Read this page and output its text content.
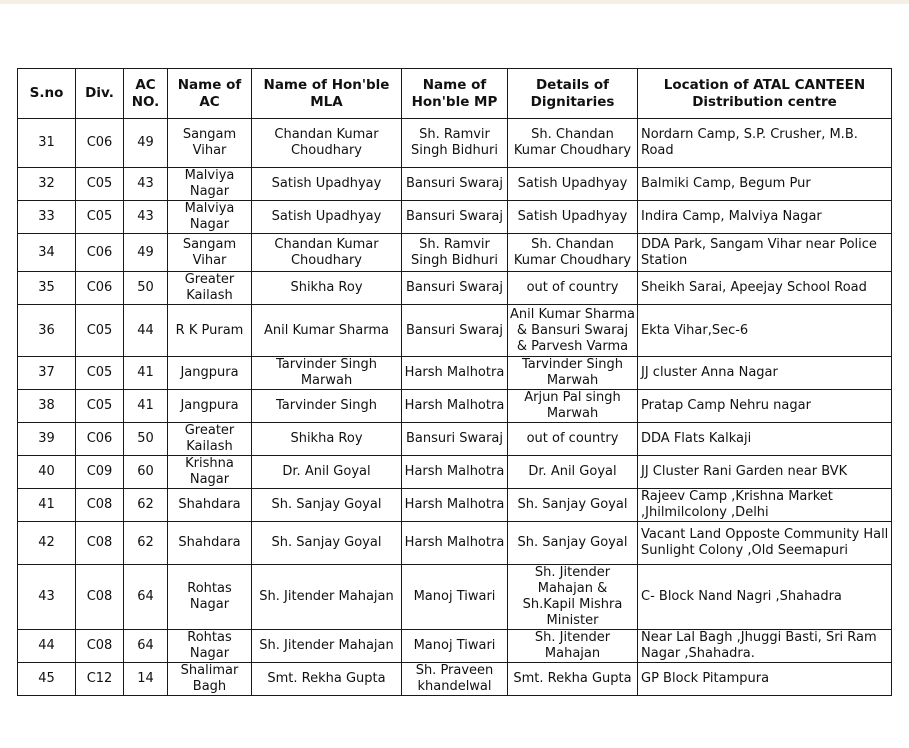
S.no	Div.	AC NO.	Name of AC	Name of Hon'ble MLA	Name of Hon'ble MP	Details of Dignitaries	Location of ATAL CANTEEN Distribution centre
31	C06	49	Sangam Vihar	Chandan Kumar Choudhary	Sh. Ramvir Singh Bidhuri	Sh. Chandan Kumar Choudhary	Nordarn Camp, S.P. Crusher, M.B. Road
32	C05	43	Malviya Nagar	Satish Upadhyay	Bansuri Swaraj	Satish Upadhyay	Balmiki Camp, Begum Pur
33	C05	43	Malviya Nagar	Satish Upadhyay	Bansuri Swaraj	Satish Upadhyay	Indira Camp, Malviya Nagar
34	C06	49	Sangam Vihar	Chandan Kumar Choudhary	Sh. Ramvir Singh Bidhuri	Sh. Chandan Kumar Choudhary	DDA Park, Sangam Vihar near Police Station
35	C06	50	Greater Kailash	Shikha Roy	Bansuri Swaraj	out of country	Sheikh Sarai, Apeejay School Road
36	C05	44	R K Puram	Anil Kumar Sharma	Bansuri Swaraj	Anil Kumar Sharma & Bansuri Swaraj & Parvesh Varma	Ekta Vihar,Sec-6
37	C05	41	Jangpura	Tarvinder Singh Marwah	Harsh Malhotra	Tarvinder Singh Marwah	JJ cluster Anna Nagar
38	C05	41	Jangpura	Tarvinder Singh	Harsh Malhotra	Arjun Pal singh Marwah	Pratap Camp Nehru nagar
39	C06	50	Greater Kailash	Shikha Roy	Bansuri Swaraj	out of country	DDA Flats Kalkaji
40	C09	60	Krishna Nagar	Dr. Anil Goyal	Harsh Malhotra	Dr. Anil Goyal	JJ Cluster Rani Garden near BVK
41	C08	62	Shahdara	Sh. Sanjay Goyal	Harsh Malhotra	Sh. Sanjay Goyal	Rajeev Camp ,Krishna Market ,Jhilmilcolony ,Delhi
42	C08	62	Shahdara	Sh. Sanjay Goyal	Harsh Malhotra	Sh. Sanjay Goyal	Vacant Land Opposte Community Hall Sunlight Colony ,Old Seemapuri
43	C08	64	Rohtas Nagar	Sh. Jitender Mahajan	Manoj Tiwari	Sh. Jitender Mahajan & Sh.Kapil Mishra Minister	C- Block Nand Nagri ,Shahadra
44	C08	64	Rohtas Nagar	Sh. Jitender Mahajan	Manoj Tiwari	Sh. Jitender Mahajan	Near Lal Bagh ,Jhuggi Basti, Sri Ram Nagar ,Shahadra.
45	C12	14	Shalimar Bagh	Smt. Rekha Gupta	Sh. Praveen khandelwal	Smt. Rekha Gupta	GP Block Pitampura
